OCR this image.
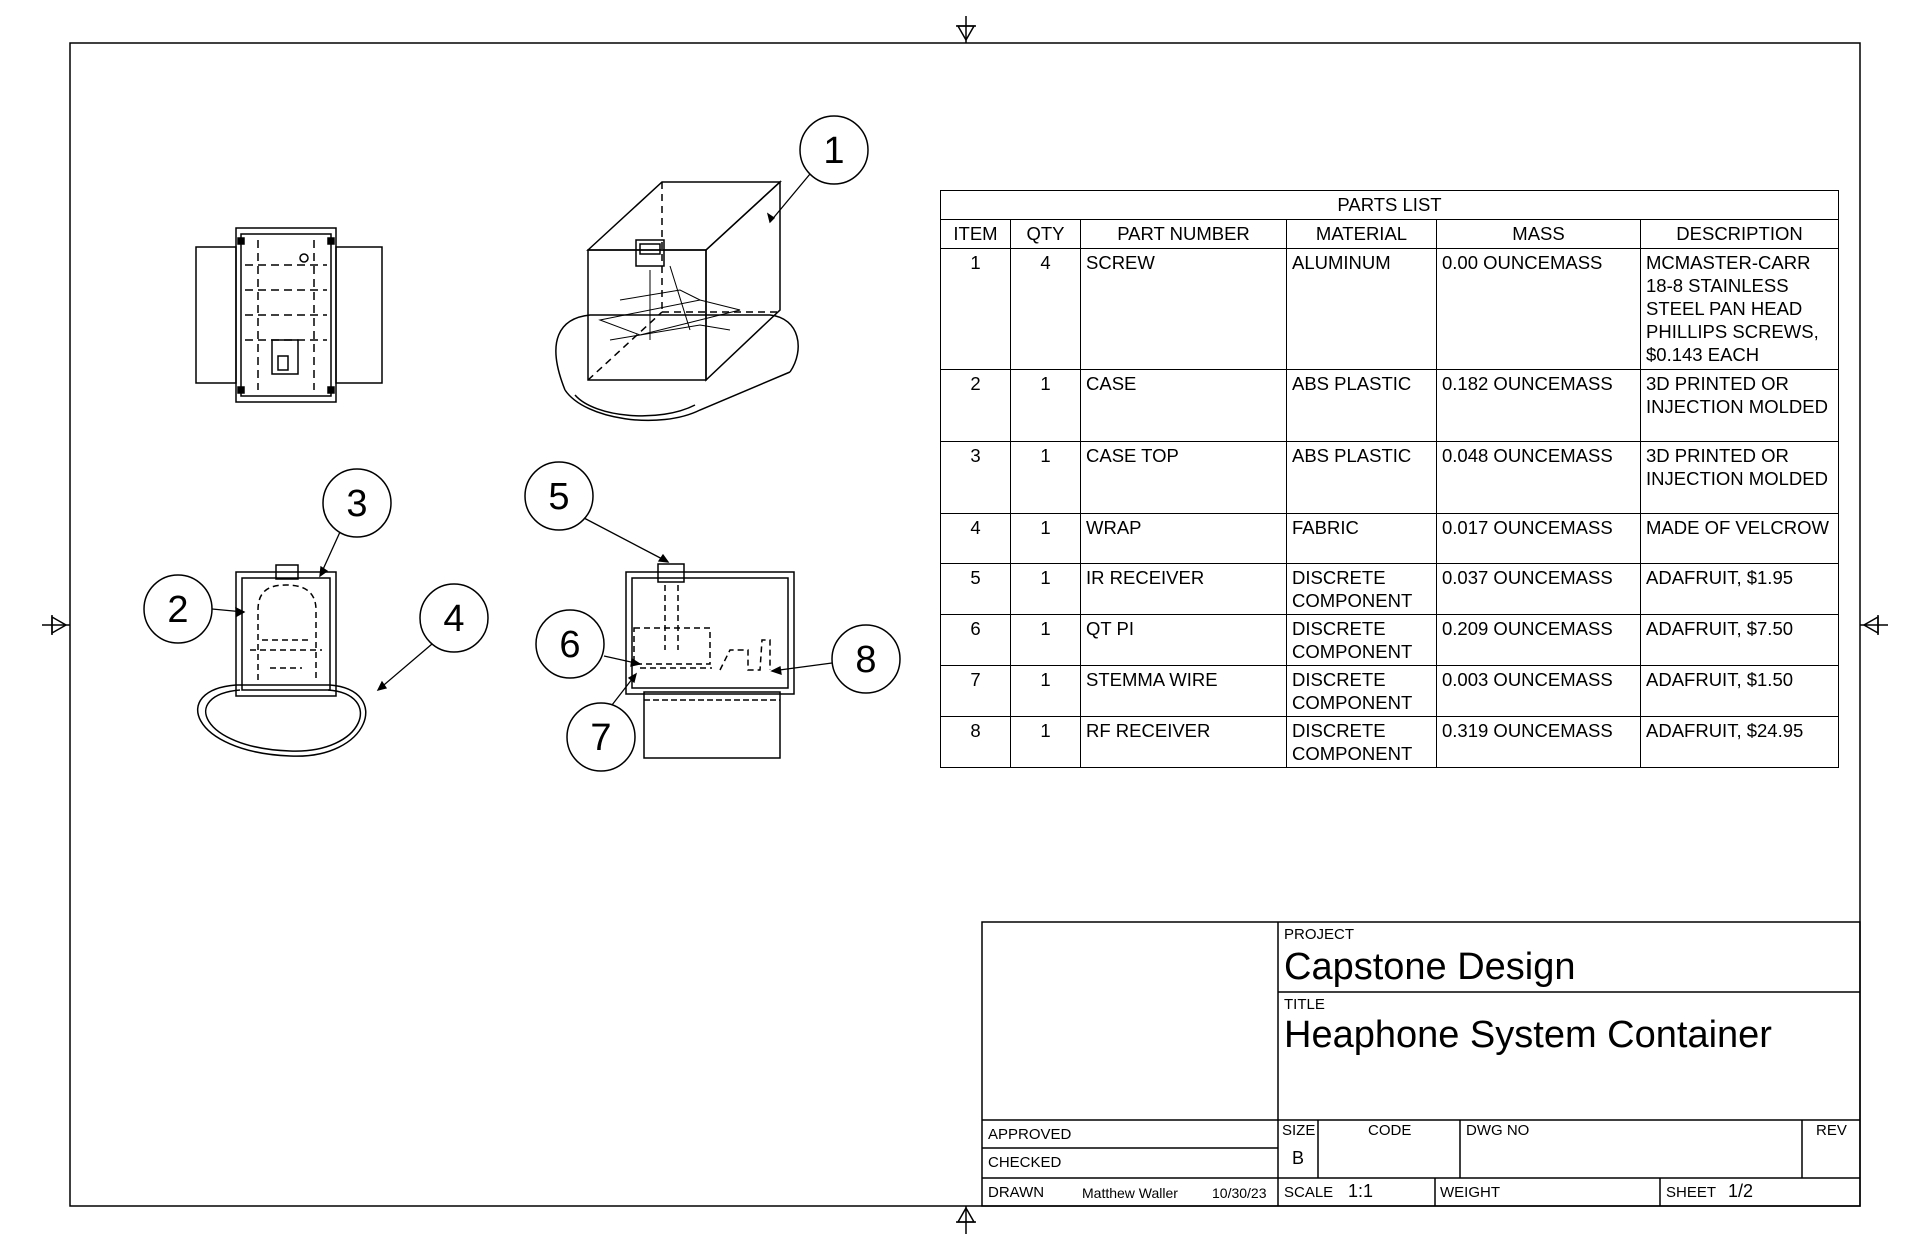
1
2
3
4
5
6
7
8
PARTS LIST					
ITEM	QTY	PART NUMBER	MATERIAL	MASS	DESCRIPTION
1	4	SCREW	ALUMINUM	0.00 OUNCEMASS	MCMASTER-CARR 18-8 STAINLESS STEEL PAN HEAD PHILLIPS SCREWS, $0.143 EACH
2	1	CASE	ABS PLASTIC	0.182 OUNCEMASS	3D PRINTED OR INJECTION MOLDED
3	1	CASE TOP	ABS PLASTIC	0.048 OUNCEMASS	3D PRINTED OR INJECTION MOLDED
4	1	WRAP	FABRIC	0.017 OUNCEMASS	MADE OF VELCROW
5	1	IR RECEIVER	DISCRETE COMPONENT	0.037 OUNCEMASS	ADAFRUIT, $1.95
6	1	QT PI	DISCRETE COMPONENT	0.209 OUNCEMASS	ADAFRUIT, $7.50
7	1	STEMMA WIRE	DISCRETE COMPONENT	0.003 OUNCEMASS	ADAFRUIT, $1.50
8	1	RF RECEIVER	DISCRETE COMPONENT	0.319 OUNCEMASS	ADAFRUIT, $24.95
PROJECT
Capstone Design
TITLE
Heaphone System Container
APPROVED
CHECKED
DRAWN	Matthew Waller 10/30/23
SIZE
B
CODE	DWG NO	REV
SCALE 1:1	WEIGHT	SHEET 1/2
